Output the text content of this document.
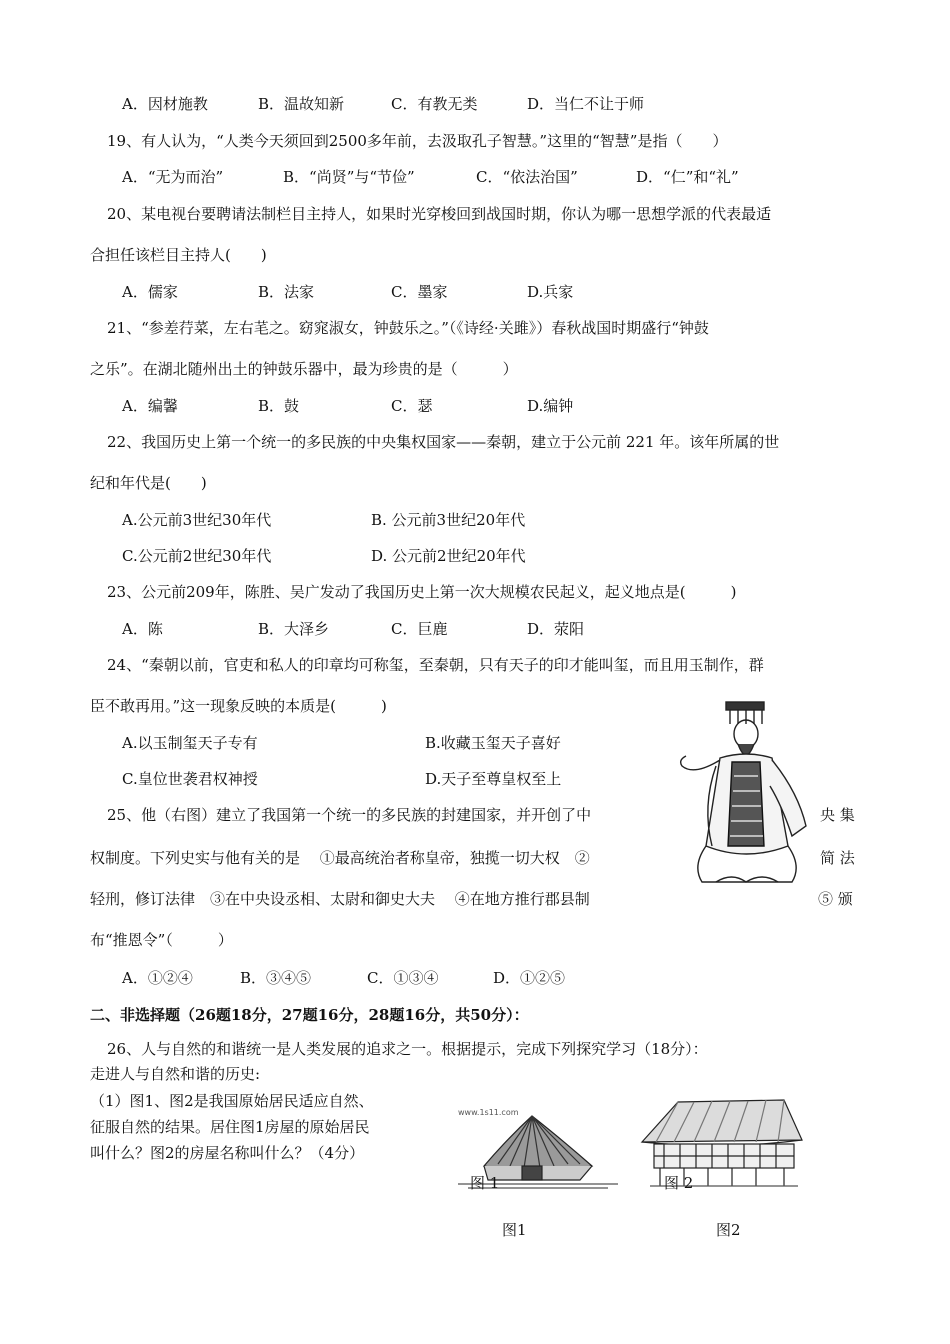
A．因材施教	B．温故知新	C．有教无类	D．当仁不让于师
19、有人认为，“人类今天须回到2500多年前，去汲取孔子智慧。”这里的“智慧”是指（　　）
A．“无为而治”	B．“尚贤”与“节俭”	C．“依法治国”	D．“仁”和“礼”
20、某电视台要聘请法制栏目主持人，如果时光穿梭回到战国时期，你认为哪一思想学派的代表最适
合担任该栏目主持人(　　)
A．儒家	B．法家	C．墨家	D.兵家
21、“参差荇菜，左右芼之。窈窕淑女，钟鼓乐之。”（《诗经·关雎》）春秋战国时期盛行“钟鼓
之乐”。在湖北随州出土的钟鼓乐器中，最为珍贵的是（　　　）
A．编馨	B．鼓	C．瑟	D.编钟
22、我国历史上第一个统一的多民族的中央集权国家——秦朝，建立于公元前 221 年。该年所属的世
纪和年代是(　　)
A.公元前3世纪30年代	B. 公元前3世纪20年代
C.公元前2世纪30年代	D. 公元前2世纪20年代
23、公元前209年，陈胜、吴广发动了我国历史上第一次大规模农民起义，起义地点是(　　　)
A．陈	B．大泽乡	C．巨鹿	D．荥阳
24、“秦朝以前，官吏和私人的印章均可称玺，至秦朝，只有天子的印才能叫玺，而且用玉制作，群
臣不敢再用。”这一现象反映的本质是(　　　)
A.以玉制玺天子专有	B.收藏玉玺天子喜好
C.皇位世袭君权神授	D.天子至尊皇权至上
25、他（右图）建立了我国第一个统一的多民族的封建国家，并开创了中	央 集
权制度。下列史实与他有关的是 　①最高统治者称皇帝，独揽一切大权　②	简 法
轻刑，修订法律　③在中央设丞相、太尉和御史大夫　 ④在地方推行郡县制	⑤ 颁
布“推恩令”（　　　）
A．①②④	B．③④⑤	C．①③④	D．①②⑤
二、非选择题（26题18分，27题16分，28题16分，共50分）：
26、人与自然的和谐统一是人类发展的追求之一。根据提示，完成下列探究学习（18分）：
走进人与自然和谐的历史:
（1）图1、图2是我国原始居民适应自然、
征服自然的结果。居住图1房屋的原始居民
叫什么？图2的房屋名称叫什么？（4分）
www.1s11.com
图 1	图 2
图1	图2
